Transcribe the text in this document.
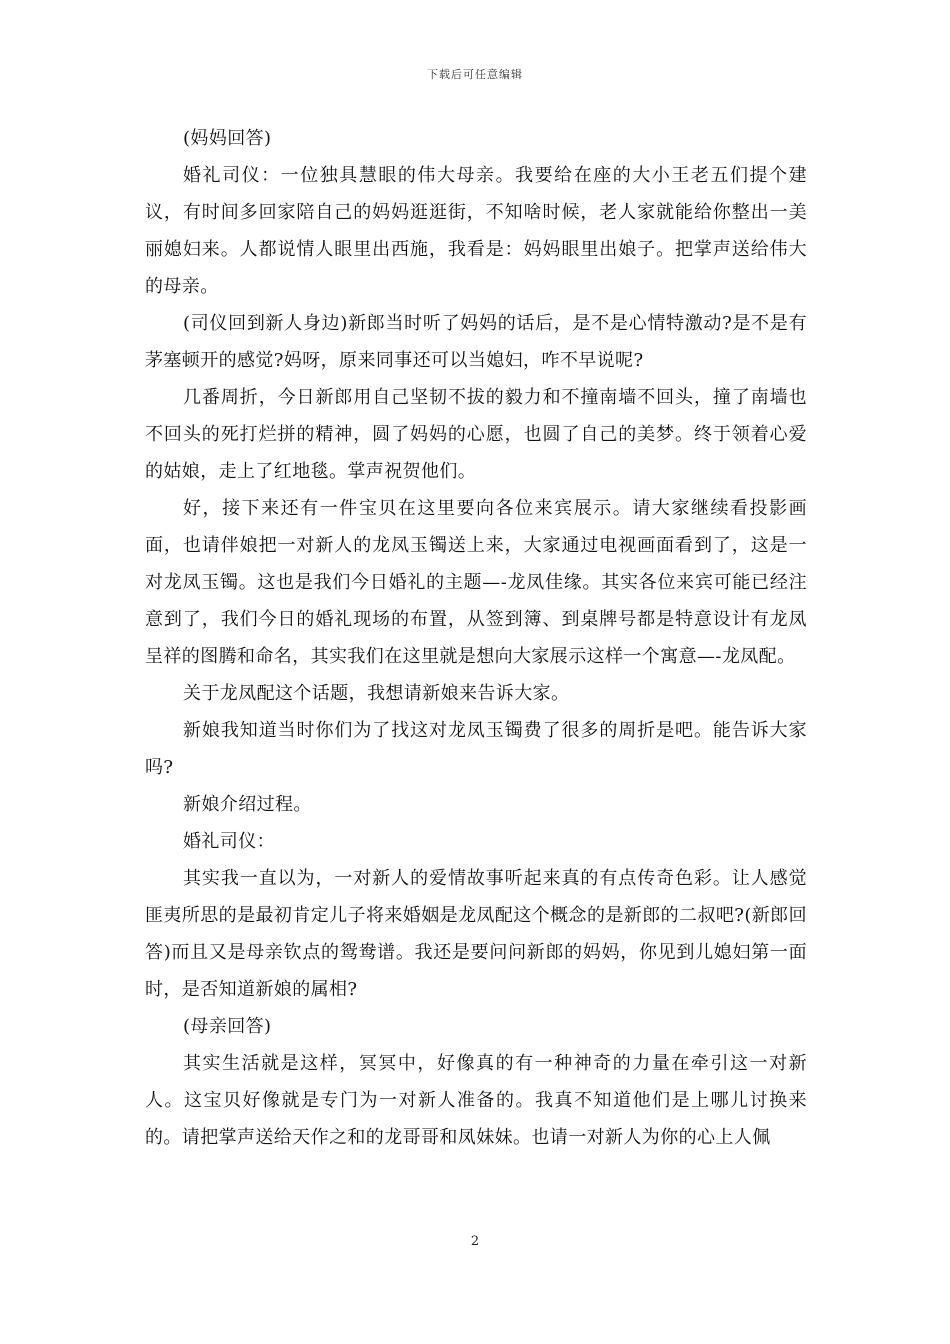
下载后可任意编辑

(妈妈回答)

婚礼司仪：一位独具慧眼的伟大母亲。我要给在座的大小王老五们提个建议，有时间多回家陪自己的妈妈逛逛街，不知啥时候，老人家就能给你整出一美丽媳妇来。人都说情人眼里出西施，我看是：妈妈眼里出娘子。把掌声送给伟大的母亲。

(司仪回到新人身边)新郎当时听了妈妈的话后，是不是心情特激动?是不是有茅塞顿开的感觉?妈呀，原来同事还可以当媳妇，咋不早说呢?

几番周折，今日新郎用自己坚韧不拔的毅力和不撞南墙不回头，撞了南墙也不回头的死打烂拼的精神，圆了妈妈的心愿，也圆了自己的美梦。终于领着心爱的姑娘，走上了红地毯。掌声祝贺他们。

好，接下来还有一件宝贝在这里要向各位来宾展示。请大家继续看投影画面，也请伴娘把一对新人的龙凤玉镯送上来，大家通过电视画面看到了，这是一对龙凤玉镯。这也是我们今日婚礼的主题—-龙凤佳缘。其实各位来宾可能已经注意到了，我们今日的婚礼现场的布置，从签到簿、到桌牌号都是特意设计有龙凤呈祥的图腾和命名，其实我们在这里就是想向大家展示这样一个寓意—-龙凤配。

关于龙凤配这个话题，我想请新娘来告诉大家。

新娘我知道当时你们为了找这对龙凤玉镯费了很多的周折是吧。能告诉大家吗?

新娘介绍过程。

婚礼司仪：

其实我一直以为，一对新人的爱情故事听起来真的有点传奇色彩。让人感觉匪夷所思的是最初肯定儿子将来婚姻是龙凤配这个概念的是新郎的二叔吧?(新郎回答)而且又是母亲钦点的鸳鸯谱。我还是要问问新郎的妈妈，你见到儿媳妇第一面时，是否知道新娘的属相?

(母亲回答)

其实生活就是这样，冥冥中，好像真的有一种神奇的力量在牵引这一对新人。这宝贝好像就是专门为一对新人准备的。我真不知道他们是上哪儿讨换来的。请把掌声送给天作之和的龙哥哥和凤妹妹。也请一对新人为你的心上人佩

2
